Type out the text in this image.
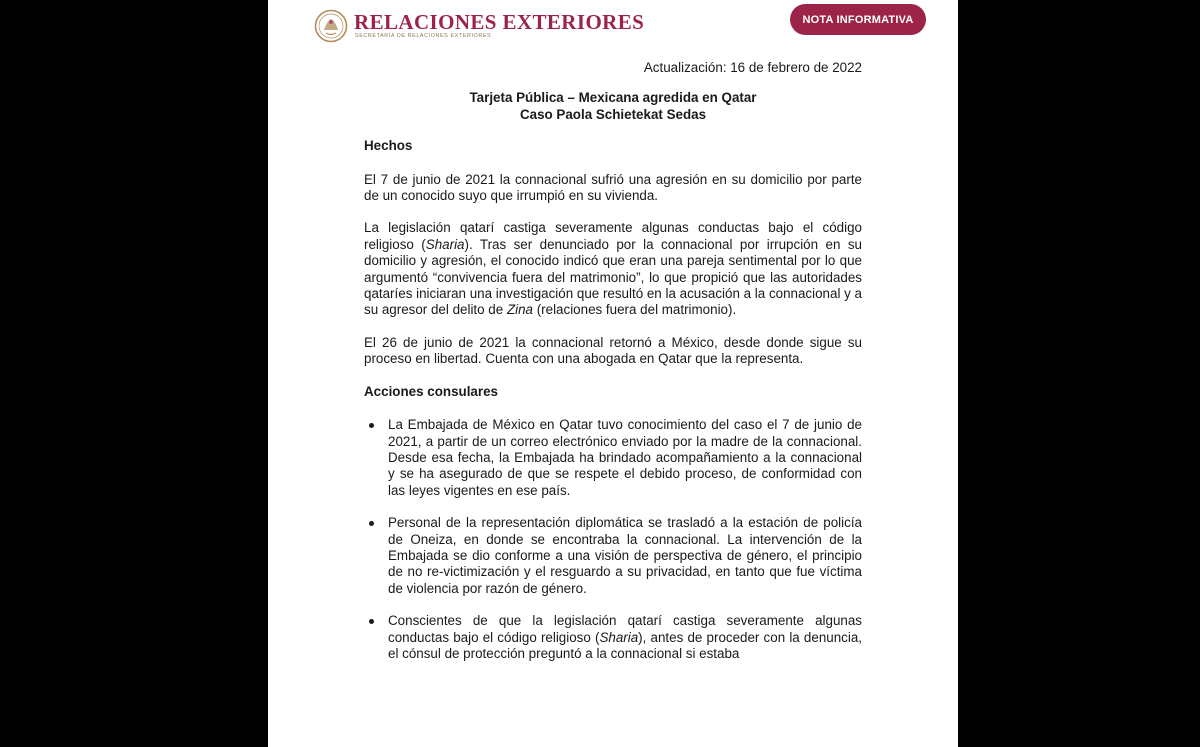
RELACIONES EXTERIORES
SECRETARÍA DE RELACIONES EXTERIORES
NOTA INFORMATIVA

Actualización: 16 de febrero de 2022

Tarjeta Pública – Mexicana agredida en Qatar

Caso Paola Schietekat Sedas

Hechos

El 7 de junio de 2021 la connacional sufrió una agresión en su domicilio por parte de un conocido suyo que irrumpió en su vivienda.

La legislación qatarí castiga severamente algunas conductas bajo el código religioso (Sharia). Tras ser denunciado por la connacional por irrupción en su domicilio y agresión, el conocido indicó que eran una pareja sentimental por lo que argumentó “convivencia fuera del matrimonio”, lo que propició que las autoridades qataríes iniciaran una investigación que resultó en la acusación a la connacional y a su agresor del delito de Zina (relaciones fuera del matrimonio).

El 26 de junio de 2021 la connacional retornó a México, desde donde sigue su proceso en libertad. Cuenta con una abogada en Qatar que la representa.

Acciones consulares

La Embajada de México en Qatar tuvo conocimiento del caso el 7 de junio de 2021, a partir de un correo electrónico enviado por la madre de la connacional. Desde esa fecha, la Embajada ha brindado acompañamiento a la connacional y se ha asegurado de que se respete el debido proceso, de conformidad con las leyes vigentes en ese país.
Personal de la representación diplomática se trasladó a la estación de policía de Oneiza, en donde se encontraba la connacional. La intervención de la Embajada se dio conforme a una visión de perspectiva de género, el principio de no re-victimización y el resguardo a su privacidad, en tanto que fue víctima de violencia por razón de género.
Conscientes de que la legislación qatarí castiga severamente algunas conductas bajo el código religioso (Sharia), antes de proceder con la denuncia, el cónsul de protección preguntó a la connacional si estaba
